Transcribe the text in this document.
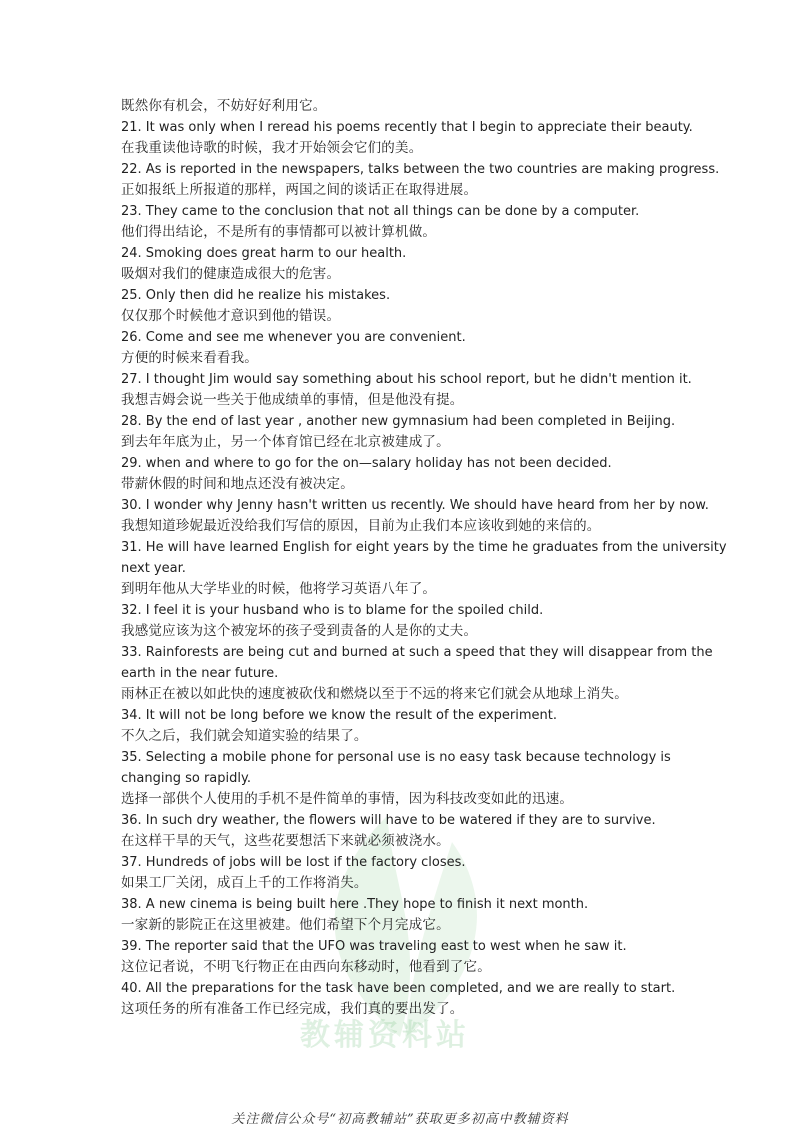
教辅资料站
既然你有机会，不妨好好利用它。
21. It was only when I reread his poems recently that I begin to appreciate their beauty.
在我重读他诗歌的时候，我才开始领会它们的美。
22. As is reported in the newspapers, talks between the two countries are making progress.
正如报纸上所报道的那样，两国之间的谈话正在取得进展。
23. They came to the conclusion that not all things can be done by a computer.
他们得出结论，不是所有的事情都可以被计算机做。
24. Smoking does great harm to our health.
吸烟对我们的健康造成很大的危害。
25. Only then did he realize his mistakes.
仅仅那个时候他才意识到他的错误。
26. Come and see me whenever you are convenient.
方便的时候来看看我。
27. I thought Jim would say something about his school report, but he didn't mention it.
我想吉姆会说一些关于他成绩单的事情，但是他没有提。
28. By the end of last year , another new gymnasium had been completed in Beijing.
到去年年底为止，另一个体育馆已经在北京被建成了。
29. when and where to go for the on—salary holiday has not been decided.
带薪休假的时间和地点还没有被决定。
30. I wonder why Jenny hasn't written us recently. We should have heard from her by now.
我想知道珍妮最近没给我们写信的原因，目前为止我们本应该收到她的来信的。
31. He will have learned English for eight years by the time he graduates from the university
next year.
到明年他从大学毕业的时候，他将学习英语八年了。
32. I feel it is your husband who is to blame for the spoiled child.
我感觉应该为这个被宠坏的孩子受到责备的人是你的丈夫。
33. Rainforests are being cut and burned at such a speed that they will disappear from the
earth in the near future.
雨林正在被以如此快的速度被砍伐和燃烧以至于不远的将来它们就会从地球上消失。
34. It will not be long before we know the result of the experiment.
不久之后，我们就会知道实验的结果了。
35. Selecting a mobile phone for personal use is no easy task because technology is
changing so rapidly.
选择一部供个人使用的手机不是件简单的事情，因为科技改变如此的迅速。
36. In such dry weather, the flowers will have to be watered if they are to survive.
在这样干旱的天气，这些花要想活下来就必须被浇水。
37. Hundreds of jobs will be lost if the factory closes.
如果工厂关闭，成百上千的工作将消失。
38. A new cinema is being built here .They hope to finish it next month.
一家新的影院正在这里被建。他们希望下个月完成它。
39. The reporter said that the UFO was traveling east to west when he saw it.
这位记者说，不明飞行物正在由西向东移动时，他看到了它。
40. All the preparations for the task have been completed, and we are really to start.
这项任务的所有准备工作已经完成，我们真的要出发了。
关注微信公众号“初高教辅站”获取更多初高中教辅资料
